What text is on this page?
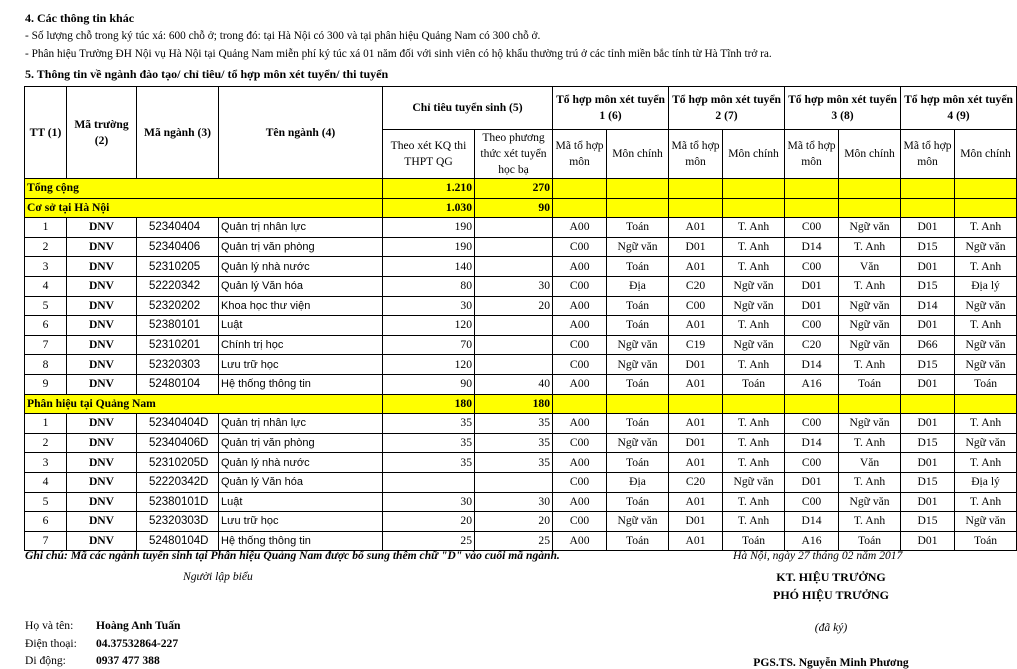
4. Các thông tin khác
- Số lượng chỗ trong ký túc xá: 600 chỗ ở; trong đó: tại Hà Nội có 300 và tại phân hiệu Quảng Nam có 300 chỗ ở.
- Phân hiệu Trường ĐH Nội vụ Hà Nội tại Quảng Nam miễn phí ký túc xá 01 năm đối với sinh viên có hộ khẩu thường trú ở các tỉnh miền bắc tính từ Hà Tĩnh trở ra.
5. Thông tin về ngành đào tạo/ chỉ tiêu/ tổ hợp môn xét tuyển/ thi tuyển
TT (1)	Mã trường (2)	Mã ngành (3)	Tên ngành (4)	Chỉ tiêu tuyển sinh (5)		Tổ hợp môn xét tuyển 1 (6)		Tổ hợp môn xét tuyển 2 (7)		Tổ hợp môn xét tuyển 3 (8)		Tổ hợp môn xét tuyển 4 (9)	
				Theo xét KQ thi THPT QG	Theo phương thức xét tuyển học bạ	Mã tổ hợp môn	Môn chính	Mã tổ hợp môn	Môn chính	Mã tổ hợp môn	Môn chính	Mã tổ hợp môn	Môn chính
Tổng cộng				1.210	270								
Cơ sở tại Hà Nội				1.030	90								
1	DNV	52340404	Quản trị nhân lực	190		A00	Toán	A01	T. Anh	C00	Ngữ văn	D01	T. Anh
2	DNV	52340406	Quản trị văn phòng	190		C00	Ngữ văn	D01	T. Anh	D14	T. Anh	D15	Ngữ văn
3	DNV	52310205	Quản lý nhà nước	140		A00	Toán	A01	T. Anh	C00	Văn	D01	T. Anh
4	DNV	52220342	Quản lý Văn hóa	80	30	C00	Địa	C20	Ngữ văn	D01	T. Anh	D15	Địa lý
5	DNV	52320202	Khoa học thư viện	30	20	A00	Toán	C00	Ngữ văn	D01	Ngữ văn	D14	Ngữ văn
6	DNV	52380101	Luật	120		A00	Toán	A01	T. Anh	C00	Ngữ văn	D01	T. Anh
7	DNV	52310201	Chính trị học	70		C00	Ngữ văn	C19	Ngữ văn	C20	Ngữ văn	D66	Ngữ văn
8	DNV	52320303	Lưu trữ học	120		C00	Ngữ văn	D01	T. Anh	D14	T. Anh	D15	Ngữ văn
9	DNV	52480104	Hệ thống thông tin	90	40	A00	Toán	A01	Toán	A16	Toán	D01	Toán
Phân hiệu tại Quảng Nam				180	180								
1	DNV	52340404D	Quản trị nhân lực	35	35	A00	Toán	A01	T. Anh	C00	Ngữ văn	D01	T. Anh
2	DNV	52340406D	Quản trị văn phòng	35	35	C00	Ngữ văn	D01	T. Anh	D14	T. Anh	D15	Ngữ văn
3	DNV	52310205D	Quản lý nhà nước	35	35	A00	Toán	A01	T. Anh	C00	Văn	D01	T. Anh
4	DNV	52220342D	Quản lý Văn hóa			C00	Địa	C20	Ngữ văn	D01	T. Anh	D15	Địa lý
5	DNV	52380101D	Luật	30	30	A00	Toán	A01	T. Anh	C00	Ngữ văn	D01	T. Anh
6	DNV	52320303D	Lưu trữ học	20	20	C00	Ngữ văn	D01	T. Anh	D14	T. Anh	D15	Ngữ văn
7	DNV	52480104D	Hệ thống thông tin	25	25	A00	Toán	A01	Toán	A16	Toán	D01	Toán
Ghi chú: Mã các ngành tuyển sinh tại Phân hiệu Quảng Nam được bổ sung thêm chữ "D" vào cuối mã ngành.	Hà Nội, ngày 27 tháng 02 năm 2017
Người lập biểu	KT. HIỆU TRƯỞNG
PHÓ HIỆU TRƯỞNG
(đã ký)
Họ và tên: Hoàng Anh Tuấn
Điện thoại: 04.37532864-227
Di động:	0937 477 388	PGS.TS. Nguyễn Minh Phương
